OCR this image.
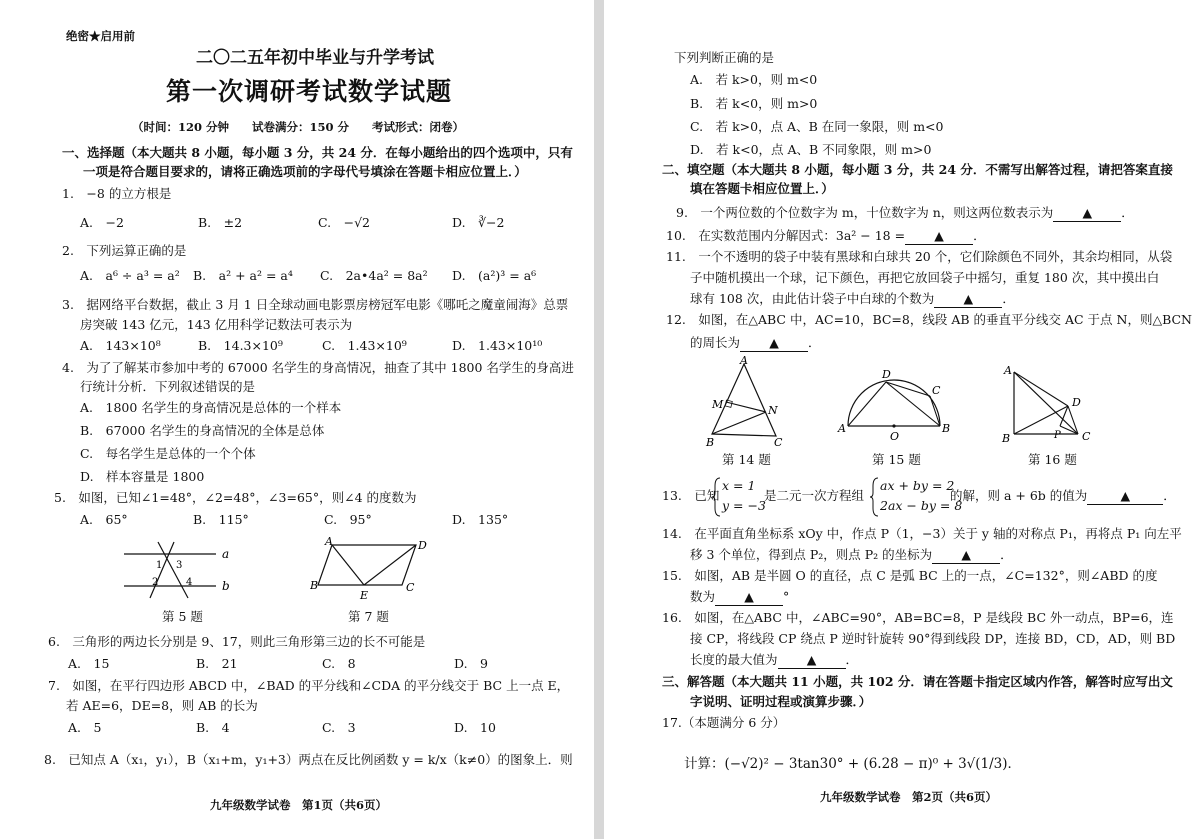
绝密★启用前
二〇二五年初中毕业与升学考试
第一次调研考试数学试题
（时间：120 分钟　　试卷满分：150 分　　考试形式：闭卷）
一、选择题（本大题共 8 小题，每小题 3 分，共 24 分．在每小题给出的四个选项中，只有
一项是符合题目要求的，请将正确选项前的字母代号填涂在答题卡相应位置上．）
1.　−8 的立方根是
A.　−2	B.　±2	C.　−√2	D.　∛−2
2.　下列运算正确的是
A.　a⁶ ÷ a³ = a² B.　a² + a² = a⁴ C.　2a•4a² = 8a² D.　(a²)³ = a⁶
3.　据网络平台数据，截止 3 月 1 日全球动画电影票房榜冠军电影《哪吒之魔童闹海》总票
房突破 143 亿元，143 亿用科学记数法可表示为
A.　143×10⁸	B.　14.3×10⁹	C.　1.43×10⁹	D.　1.43×10¹⁰
4.　为了了解某市参加中考的 67000 名学生的身高情况，抽查了其中 1800 名学生的身高进
行统计分析．下列叙述错误的是
A.　1800 名学生的身高情况是总体的一个样本
B.　67000 名学生的身高情况的全体是总体
C.　每名学生是总体的一个个体
D.　样本容量是 1800
5.　如图，已知∠1=48°，∠2=48°，∠3=65°，则∠4 的度数为
A.　65°	B.　115°	C.　95°	D.　135°
a
b
1
2
3
4
第 5 题
A	D
B
E
C
第 7 题
6.　三角形的两边长分别是 9、17，则此三角形第三边的长不可能是
A.　15	B.　21	C.　8	D.　9
7.　如图，在平行四边形 ABCD 中，∠BAD 的平分线和∠CDA 的平分线交于 BC 上一点 E，
若 AE=6，DE=8，则 AB 的长为
A.　5	B.　4	C.　3	D.　10
8.　已知点 A（x₁，y₁），B（x₁+m，y₁+3）两点在反比例函数 y = k/x（k≠0）的图象上．则
九年级数学试卷　第1页（共6页）
下列判断正确的是
A.　若 k>0，则 m<0
B.　若 k<0，则 m>0
C.　若 k>0，点 A、B 在同一象限，则 m<0
D.　若 k<0，点 A、B 不同象限，则 m>0
二、填空题（本大题共 8 小题，每小题 3 分，共 24 分．不需写出解答过程，请把答案直接
填在答题卡相应位置上．）
9.　一个两位数的个位数字为 m，十位数字为 n，则这两位数表示为 ▲ ．
10.　在实数范围内分解因式：3a² − 18 = ▲ ．
11.　一个不透明的袋子中装有黑球和白球共 20 个，它们除颜色不同外，其余均相同，从袋
子中随机摸出一个球，记下颜色，再把它放回袋子中摇匀，重复 180 次，其中摸出白
球有 108 次，由此估计袋子中白球的个数为 ▲ ．
12.　如图，在△ABC 中，AC=10，BC=8，线段 AB 的垂直平分线交 AC 于点 N，则△BCN
的周长为 ▲ ．
A
M	N
B	C
第 14 题
D
C
A
O
B
第 15 题
A
D
B	P C
第 16 题
13.　已知
x = 1
y = −3
是二元一次方程组
ax + by = 2
2ax − by = 8
的解，则 a + 6b 的值为	▲	．
14.　在平面直角坐标系 xOy 中，作点 P（1，−3）关于 y 轴的对称点 P₁，再将点 P₁ 向左平
移 3 个单位，得到点 P₂，则点 P₂ 的坐标为 ▲ ．
15.　如图，AB 是半圆 O 的直径，点 C 是弧 BC 上的一点，∠C=132°，则∠ABD 的度
数为 ▲ °
16.　如图，在△ABC 中，∠ABC=90°，AB=BC=8，P 是线段 BC 外一动点，BP=6，连
接 CP，将线段 CP 绕点 P 逆时针旋转 90°得到线段 DP，连接 BD，CD，AD，则 BD
长度的最大值为 ▲ ．
三、解答题（本大题共 11 小题，共 102 分．请在答题卡指定区域内作答，解答时应写出文
字说明、证明过程或演算步骤．）
17.（本题满分 6 分）
计算：(−√2)² − 3tan30° + (6.28 − π)⁰ + 3√(1/3)．
九年级数学试卷　第2页（共6页）
